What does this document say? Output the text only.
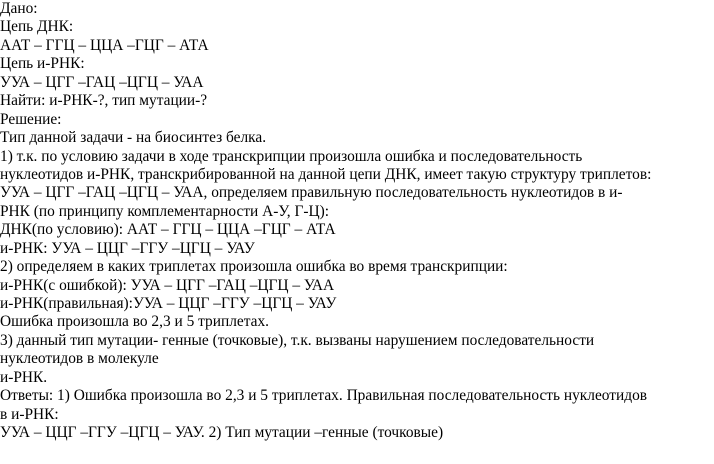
Дано:
Цепь ДНК:
ААТ – ГГЦ – ЦЦА –ГЦГ – АТА
Цепь и-РНК:
УУА – ЦГГ –ГАЦ –ЦГЦ – УАА
Найти: и-РНК-?, тип мутации-?
Решение:
Тип данной задачи - на биосинтез белка.
1) т.к. по условию задачи в ходе транскрипции произошла ошибка и последовательность
нуклеотидов и-РНК, транскрибированной на данной цепи ДНК, имеет такую структуру триплетов:
УУА – ЦГГ –ГАЦ –ЦГЦ – УАА, определяем правильную последовательность нуклеотидов в и-
РНК (по принципу комплементарности А-У, Г-Ц):
ДНК(по условию): ААТ – ГГЦ – ЦЦА –ГЦГ – АТА
и-РНК: УУА – ЦЦГ –ГГУ –ЦГЦ – УАУ
2) определяем в каких триплетах произошла ошибка во время транскрипции:
и-РНК(с ошибкой): УУА – ЦГГ –ГАЦ –ЦГЦ – УАА
и-РНК(правильная):УУА – ЦЦГ –ГГУ –ЦГЦ – УАУ
Ошибка произошла во 2,3 и 5 триплетах.
3) данный тип мутации- генные (точковые), т.к. вызваны нарушением последовательности
нуклеотидов в молекуле
и-РНК.
Ответы: 1) Ошибка произошла во 2,3 и 5 триплетах. Правильная последовательность нуклеотидов
в и-РНК:
УУА – ЦЦГ –ГГУ –ЦГЦ – УАУ. 2) Тип мутации –генные (точковые)
